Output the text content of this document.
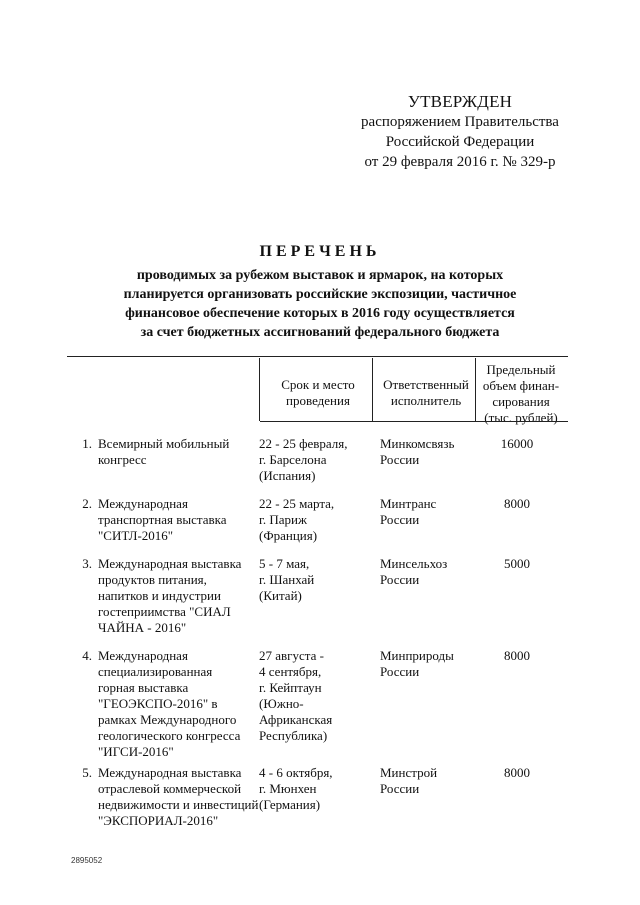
УТВЕРЖДЕН
распоряжением Правительства
Российской Федерации
от 29 февраля 2016 г. № 329-р
ПЕРЕЧЕНЬ
проводимых за рубежом выставок и ярмарок, на которых
планируется организовать российские экспозиции, частичное
финансовое обеспечение которых в 2016 году осуществляется
за счет бюджетных ассигнований федерального бюджета
Срок и место
проведения
Ответственный
исполнитель
Предельный
объем финан-
сирования
(тыс. рублей)
1. Всемирный мобильный
конгресс
22 - 25 февраля,
г. Барселона
(Испания)
Минкомсвязь
России
16000
2. Международная
транспортная выставка
"СИТЛ-2016"
22 - 25 марта,
г. Париж
(Франция)
Минтранс
России
8000
3. Международная выставка
продуктов питания,
напитков и индустрии
гостеприимства "СИАЛ
ЧАЙНА - 2016"
5 - 7 мая,
г. Шанхай
(Китай)
Минсельхоз
России
5000
4. Международная
специализированная
горная выставка
"ГЕОЭКСПО-2016" в
рамках Международного
геологического конгресса
"ИГСИ-2016"
27 августа -
4 сентября,
г. Кейптаун
(Южно-
Африканская
Республика)
Минприроды
России
8000
5. Международная выставка
отраслевой коммерческой
недвижимости и инвестиций
"ЭКСПОРИАЛ-2016"
4 - 6 октября,
г. Мюнхен
(Германия)
Минстрой
России
8000
2895052
